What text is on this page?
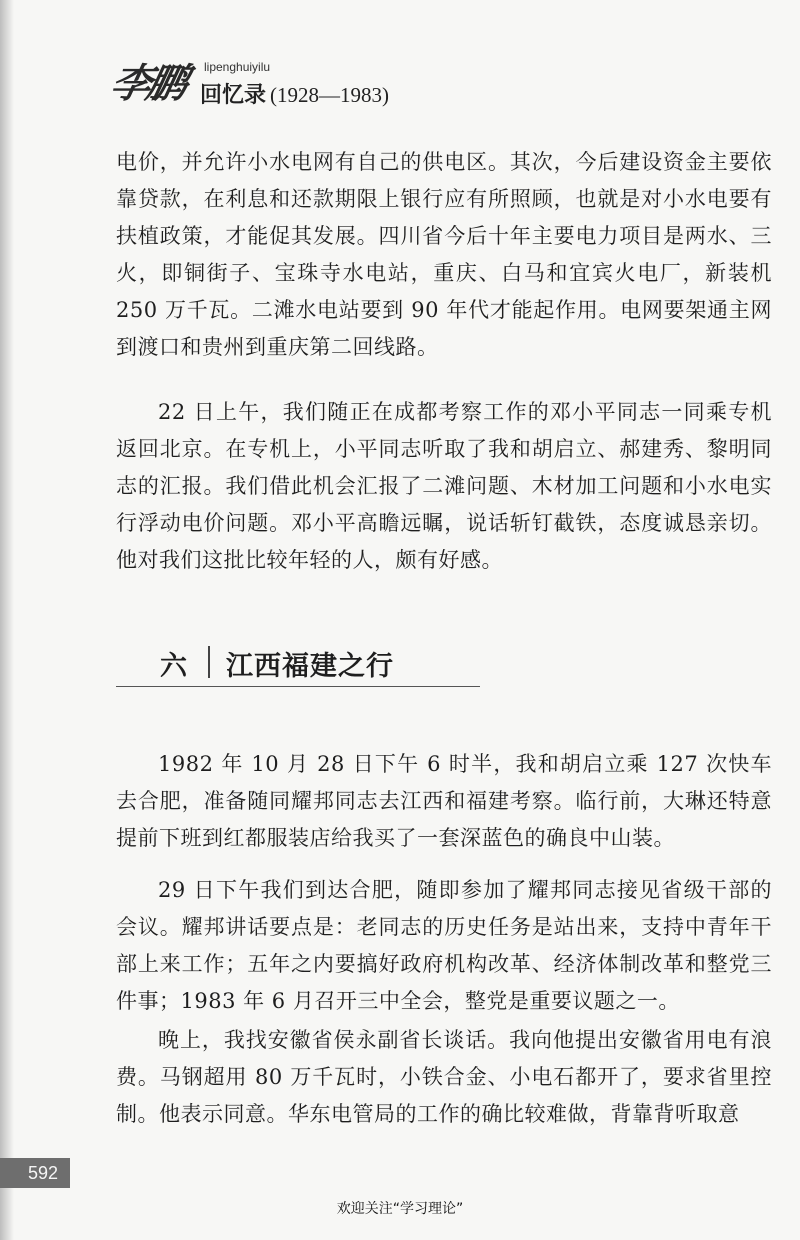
李鹏 lipenghuiyilu
回忆录 (1928—1983)

电价，并允许小水电网有自己的供电区。其次，今后建设资金主要依靠贷款，在利息和还款期限上银行应有所照顾，也就是对小水电要有扶植政策，才能促其发展。四川省今后十年主要电力项目是两水、三火，即铜街子、宝珠寺水电站，重庆、白马和宜宾火电厂，新装机 250 万千瓦。二滩水电站要到 90 年代才能起作用。电网要架通主网到渡口和贵州到重庆第二回线路。

22 日上午，我们随正在成都考察工作的邓小平同志一同乘专机返回北京。在专机上，小平同志听取了我和胡启立、郝建秀、黎明同志的汇报。我们借此机会汇报了二滩问题、木材加工问题和小水电实行浮动电价问题。邓小平高瞻远瞩，说话斩钉截铁，态度诚恳亲切。他对我们这批比较年轻的人，颇有好感。

六 江西福建之行

1982 年 10 月 28 日下午 6 时半，我和胡启立乘 127 次快车去合肥，准备随同耀邦同志去江西和福建考察。临行前，大琳还特意提前下班到红都服装店给我买了一套深蓝色的确良中山装。

29 日下午我们到达合肥，随即参加了耀邦同志接见省级干部的会议。耀邦讲话要点是：老同志的历史任务是站出来，支持中青年干部上来工作；五年之内要搞好政府机构改革、经济体制改革和整党三件事；1983 年 6 月召开三中全会，整党是重要议题之一。

晚上，我找安徽省侯永副省长谈话。我向他提出安徽省用电有浪费。马钢超用 80 万千瓦时，小铁合金、小电石都开了，要求省里控制。他表示同意。华东电管局的工作的确比较难做，背靠背听取意

592
欢迎关注“学习理论”
